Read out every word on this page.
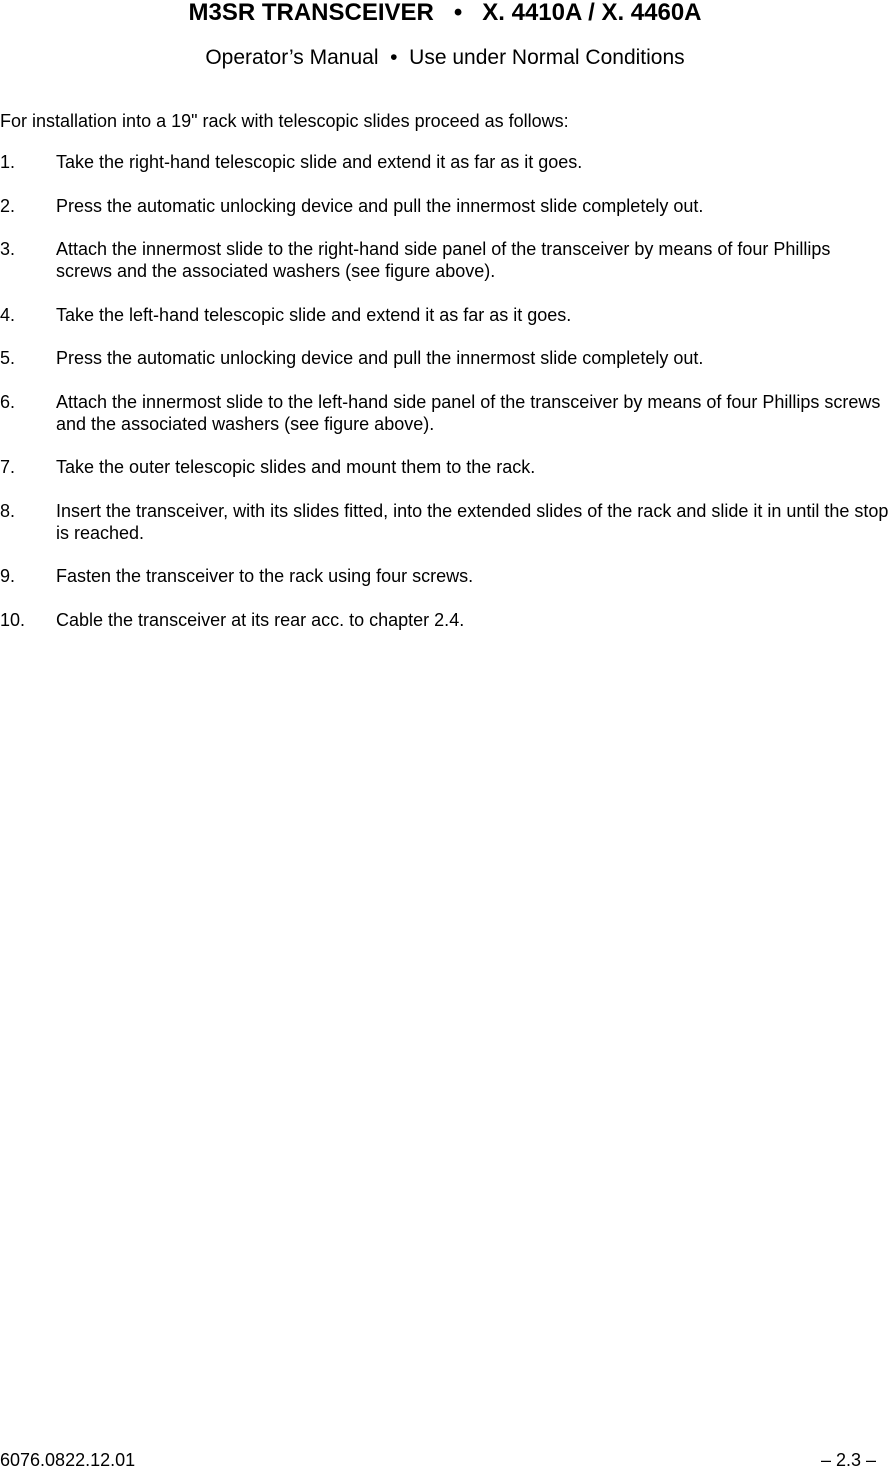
M3SR TRANSCEIVER   •   X. 4410A / X. 4460A
Operator’s Manual  •  Use under Normal Conditions
For installation into a 19" rack with telescopic slides proceed as follows:
1. Take the right-hand telescopic slide and extend it as far as it goes.
2. Press the automatic unlocking device and pull the innermost slide completely out.
3. Attach the innermost slide to the right-hand side panel of the transceiver by means of four Phillips screws and the associated washers (see figure above).
4. Take the left-hand telescopic slide and extend it as far as it goes.
5. Press the automatic unlocking device and pull the innermost slide completely out.
6. Attach the innermost slide to the left-hand side panel of the transceiver by means of four Phillips screws and the associated washers (see figure above).
7. Take the outer telescopic slides and mount them to the rack.
8. Insert the transceiver, with its slides fitted, into the extended slides of the rack and slide it in until the stop is reached.
9. Fasten the transceiver to the rack using four screws.
10. Cable the transceiver at its rear acc. to chapter 2.4.
6076.0822.12.01	– 2.3 –
